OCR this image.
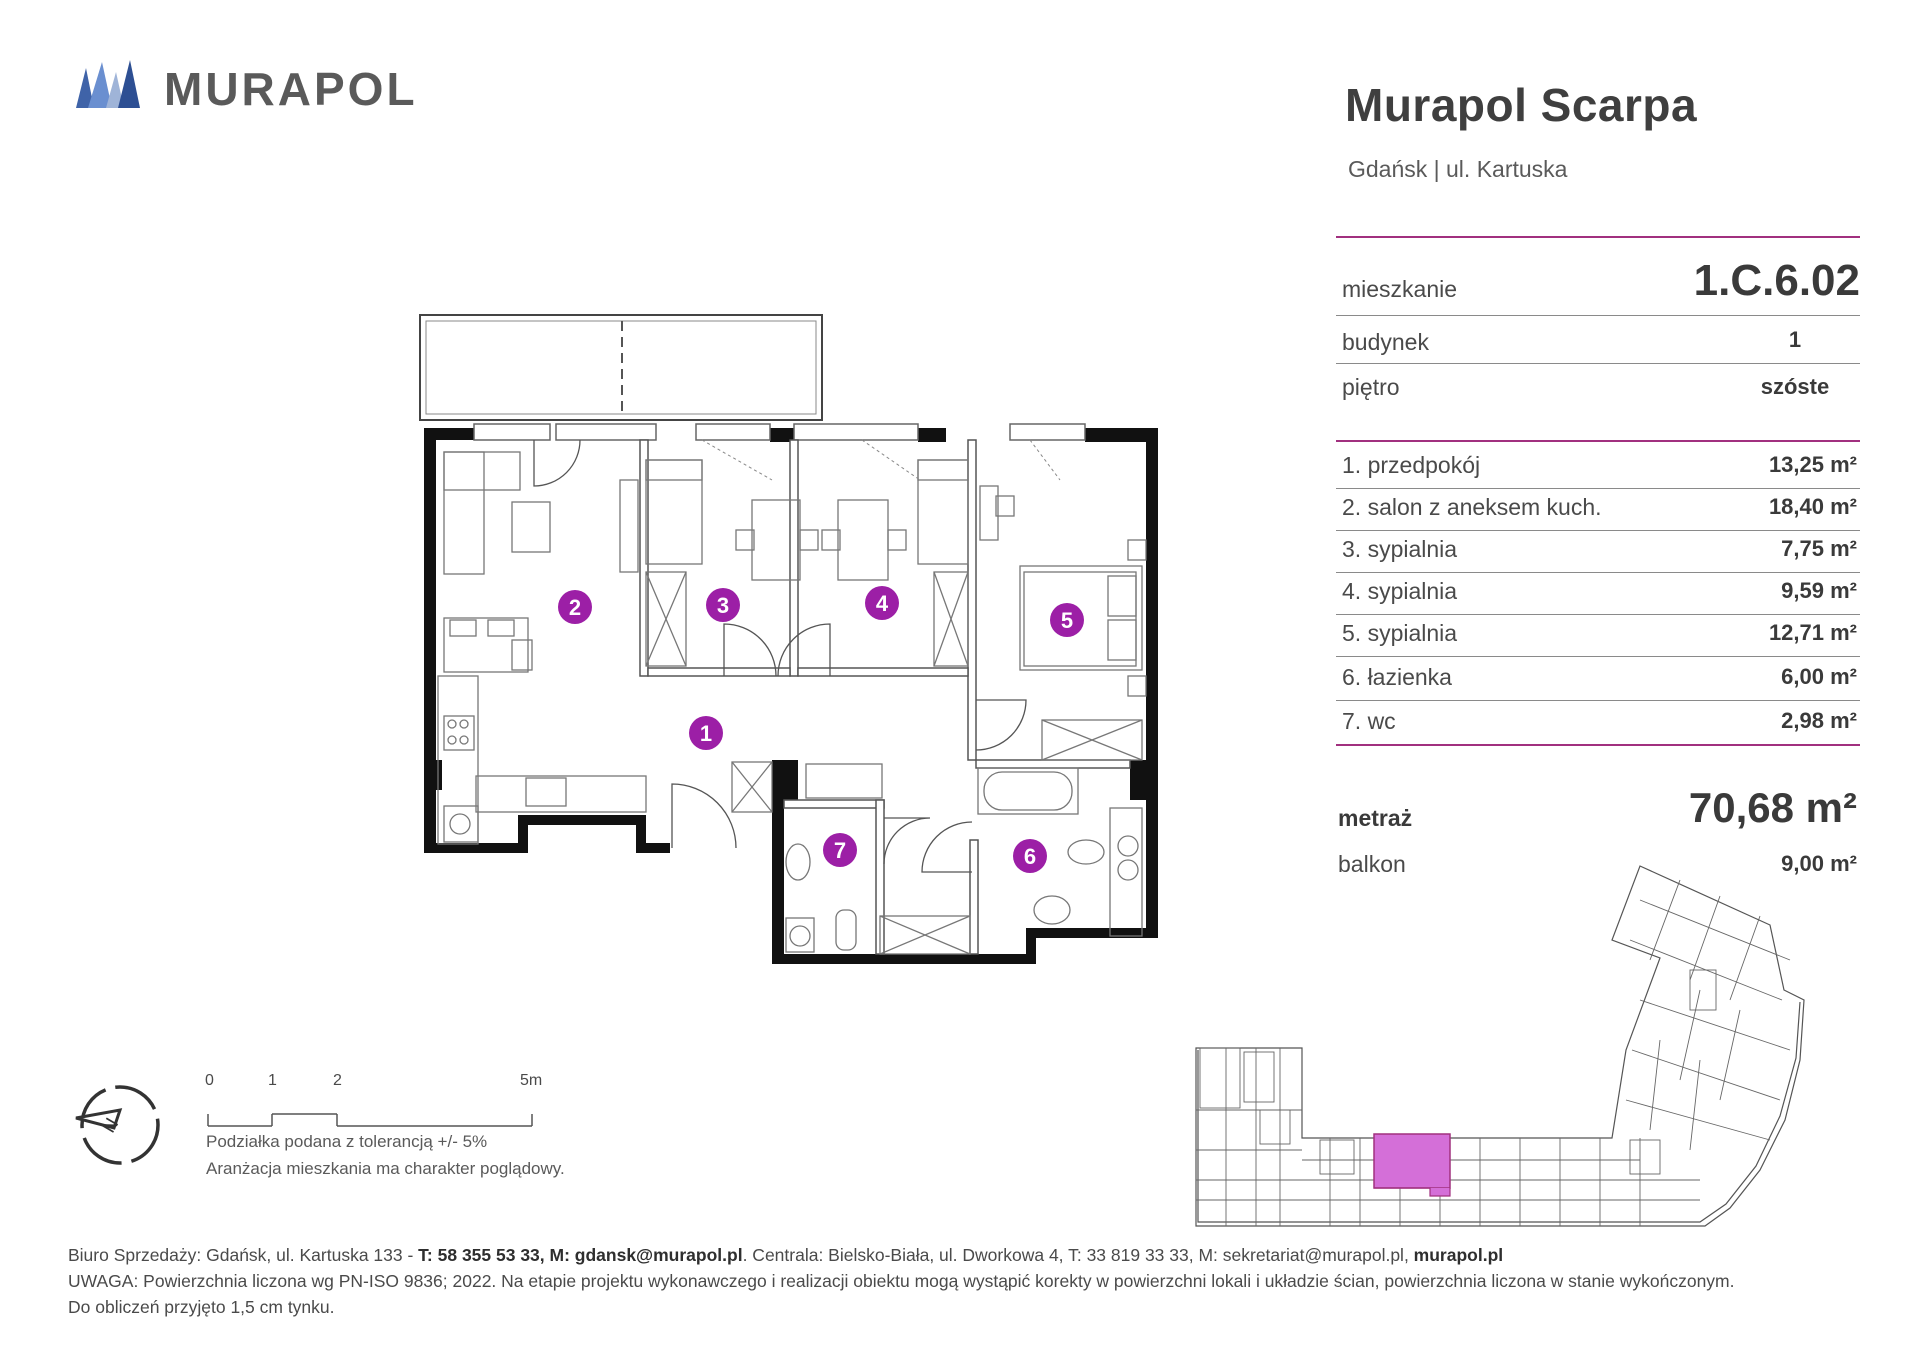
MURAPOL	Murapol Scarpa
Gdańsk | ul. Kartuska
mieszkanie	1.C.6.02
budynek	1
piętro	szóste
1. przedpokój	13,25 m²
2. salon z aneksem kuch.	18,40 m²
3. sypialnia	7,75 m²
4. sypialnia	9,59 m²
5. sypialnia	12,71 m²
6. łazienka	6,00 m²
7. wc	2,98 m²
metraż	70,68 m²
balkon	9,00 m²
1
2	3	4
5
6
7
N
0	1	2	5m
Podziałka podana z tolerancją +/- 5%
Aranżacja mieszkania ma charakter poglądowy.
Biuro Sprzedaży: Gdańsk, ul. Kartuska 133 - T: 58 355 53 33, M: gdansk@murapol.pl. Centrala: Bielsko-Biała, ul. Dworkowa 4, T: 33 819 33 33, M: sekretariat@murapol.pl, murapol.pl
UWAGA: Powierzchnia liczona wg PN-ISO 9836; 2022. Na etapie projektu wykonawczego i realizacji obiektu mogą wystąpić korekty w powierzchni lokali i układzie ścian, powierzchnia liczona w stanie wykończonym.
Do obliczeń przyjęto 1,5 cm tynku.
